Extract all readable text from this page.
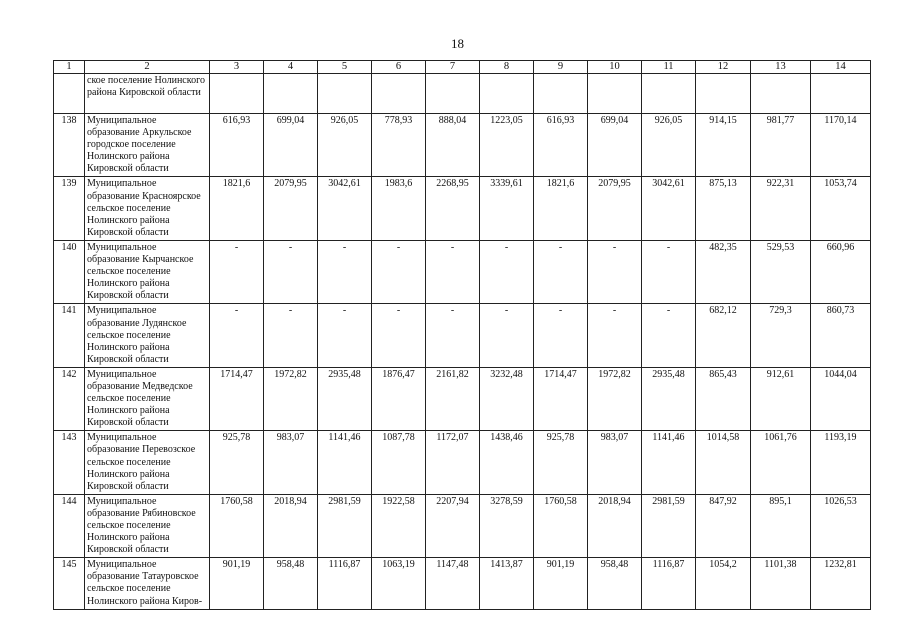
18
1	2	3	4	5	6	7	8	9	10	11	12	13	14
	ское поселение Нолинского района Кировской области												
138	Муниципальное образование Аркульское городское поселение Нолинского района Кировской области	616,93	699,04	926,05	778,93	888,04	1223,05	616,93	699,04	926,05	914,15	981,77	1170,14
139	Муниципальное образование Красноярское сельское поселение Нолинского района Кировской области	1821,6	2079,95	3042,61	1983,6	2268,95	3339,61	1821,6	2079,95	3042,61	875,13	922,31	1053,74
140	Муниципальное образование Кырчанское сельское поселение Нолинского района Кировской области	-	-	-	-	-	-	-	-	-	482,35	529,53	660,96
141	Муниципальное образование Лудянское сельское поселение Нолинского района Кировской области	-	-	-	-	-	-	-	-	-	682,12	729,3	860,73
142	Муниципальное образование Медведское сельское поселение Нолинского района Кировской области	1714,47	1972,82	2935,48	1876,47	2161,82	3232,48	1714,47	1972,82	2935,48	865,43	912,61	1044,04
143	Муниципальное образование Перевозское сельское поселение Нолинского района Кировской области	925,78	983,07	1141,46	1087,78	1172,07	1438,46	925,78	983,07	1141,46	1014,58	1061,76	1193,19
144	Муниципальное образование Рябиновское сельское поселение Нолинского района Кировской области	1760,58	2018,94	2981,59	1922,58	2207,94	3278,59	1760,58	2018,94	2981,59	847,92	895,1	1026,53
145	Муниципальное образование Татауровское сельское поселение Нолинского района Киров-	901,19	958,48	1116,87	1063,19	1147,48	1413,87	901,19	958,48	1116,87	1054,2	1101,38	1232,81
